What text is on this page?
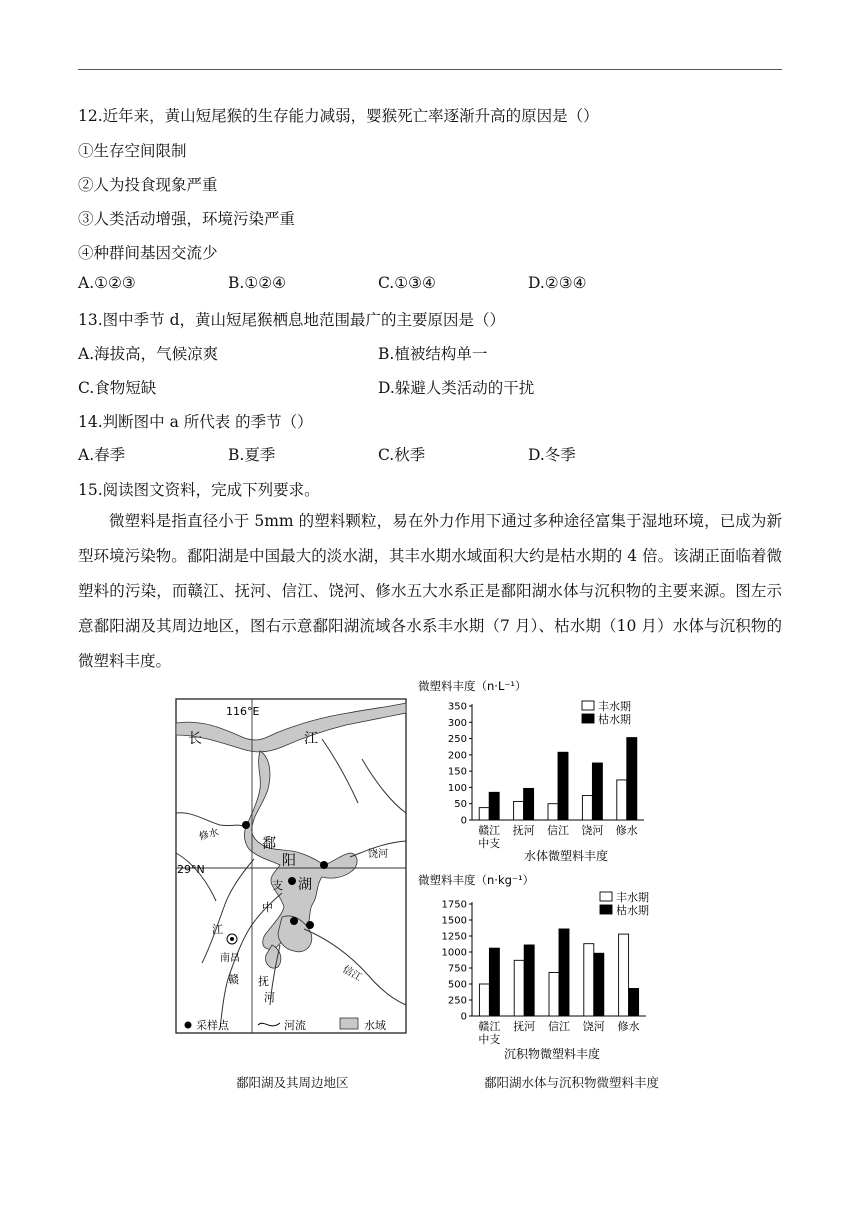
12.近年来，黄山短尾猴的生存能力减弱，婴猴死亡率逐渐升高的原因是（）
①生存空间限制
②人为投食现象严重
③人类活动增强，环境污染严重
④种群间基因交流少
A.①②③	B.①②④	C.①③④	D.②③④
13.图中季节 d，黄山短尾猴栖息地范围最广的主要原因是（）
A.海拔高，气候凉爽	B.植被结构单一
C.食物短缺	D.躲避人类活动的干扰
14.判断图中 a 所代表 的季节（）
A.春季	B.夏季	C.秋季	D.冬季
15.阅读图文资料，完成下列要求。
微塑料是指直径小于 5mm 的塑料颗粒，易在外力作用下通过多种途径富集于湿地环境，已成为新型环境污染物。鄱阳湖是中国最大的淡水湖，其丰水期水域面积大约是枯水期的 4 倍。该湖正面临着微塑料的污染，而赣江、抚河、信江、饶河、修水五大水系正是鄱阳湖水体与沉积物的主要来源。图左示意鄱阳湖及其周边地区，图右示意鄱阳湖流域各水系丰水期（7 月）、枯水期（10 月）水体与沉积物的微塑料丰度。
116°E
长	江
鄱
阳
湖
修水
饶河
29°N
支
中
江
南昌
赣 抚
河
信江
采样点	河流	水域
鄱阳湖及其周边地区
微塑料丰度（n·L⁻¹）
0
50
100
150
200
250
300
350
赣江
中支
抚河 信江 饶河 修水
丰水期
枯水期
水体微塑料丰度
微塑料丰度（n·kg⁻¹）
0
250
500
750
1000
1250
1500
1750
赣江
中支
抚河 信江 饶河 修水
丰水期
枯水期
沉积物微塑料丰度
鄱阳湖水体与沉积物微塑料丰度
